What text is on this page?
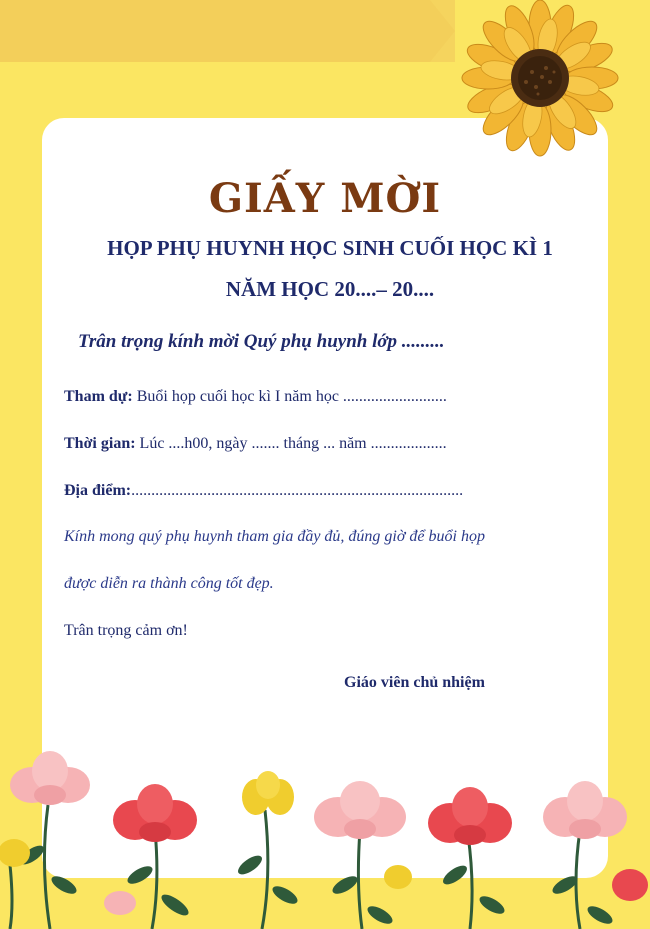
GIẤY MỜI

HỌP PHỤ HUYNH HỌC SINH CUỐI HỌC KÌ 1

NĂM HỌC 20....– 20....

Trân trọng kính mời Quý phụ huynh lớp .........

Tham dự: Buổi họp cuối học kì I năm học ..........................

Thời gian: Lúc ....h00, ngày ....... tháng ... năm ...................

Địa điểm:...................................................................................

Kính mong quý phụ huynh tham gia đầy đủ, đúng giờ để buổi họp

được diễn ra thành công tốt đẹp.

Trân trọng cảm ơn!

Giáo viên chủ nhiệm
